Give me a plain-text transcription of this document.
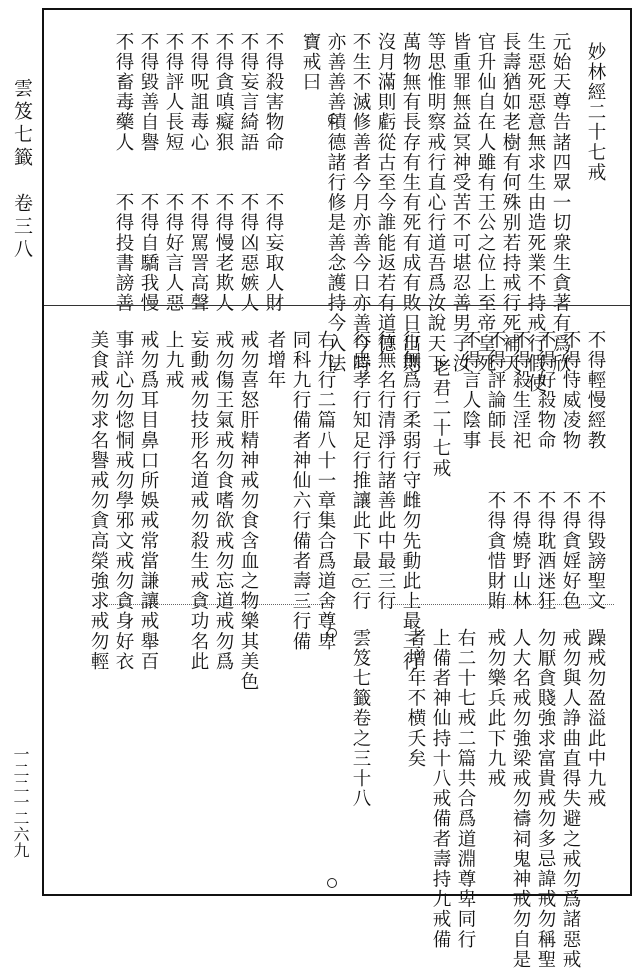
雲笈七籤　卷三八
一二二一二六九
妙林經二十七戒
元始天尊告諸四眾一切衆生貪著有爲欣
生惡死惡意無求生由造死業不持戒行假使
長壽猶如老樹有何殊别若持戒行死補天
官升仙自在人雖有王公之位上至帝皇死
皆重罪無益冥神受苦不可堪忍善男子汝
等思惟明察戒行直心行道吾爲汝說天下
萬物無有長存有生有死有成有敗日出則
沒月滿則虧從古至今誰能返若有道德
不生不滅修善者今月亦善今日亦善今時
亦善善善積德諸行修是善念護持今入法
寶戒曰
不得殺害物命　　不得妄取人財
不得妄言綺語　　不得凶惡嫉人
不得貪嗔癡狠　　不得慢老欺人
不得呪詛毒心　　不得罵詈高聲
不得評人長短　　不得好言人惡
不得毀善自譽　　不得自驕我慢
不得畜毒藥人　　不得投書謗善
不得輕慢經教　　不得毀謗聖文
不得恃威凌物　　不得貪婬好色
不得好殺物命　　不得耽酒迷狂
不得殺生淫祀　　不得燒野山林
不得評論師長　　不得貪惜財賄
不得言人陰事
老君二十七戒
行無爲行柔弱行守雌勿先動此上最三行
行無名行清淨行諸善此中最三行
行忠孝行知足行推讓此下最三行
右九行二篇八十一章集合爲道舍尊卑
同科九行備者神仙六行備者壽三行備
者增年
戒勿喜怒肝精神戒勿食含血之物樂其美色
戒勿傷王氣戒勿食嗜欲戒勿忘道戒勿爲
妄動戒勿技形名道戒勿殺生戒貪功名此
上九戒
戒勿爲耳目鼻口所娛戒常當謙讓戒舉百
事詳心勿惚恫戒勿學邪文戒勿貪身好衣
美食戒勿求名譽戒勿貪高榮強求戒勿輕
躁戒勿盈溢此中九戒
戒勿與人諍曲直得失避之戒勿爲諸惡戒
勿厭貪賤強求富貴戒勿多忌諱戒勿稱聖
人大名戒勿強梁戒勿禱祠鬼神戒勿自是
戒勿樂兵此下九戒
右二十七戒二篇共合爲道淵尊卑同行
上備者神仙持十八戒備者壽持九戒備
者增年不横夭矣
雲笈七籤卷之三十八
